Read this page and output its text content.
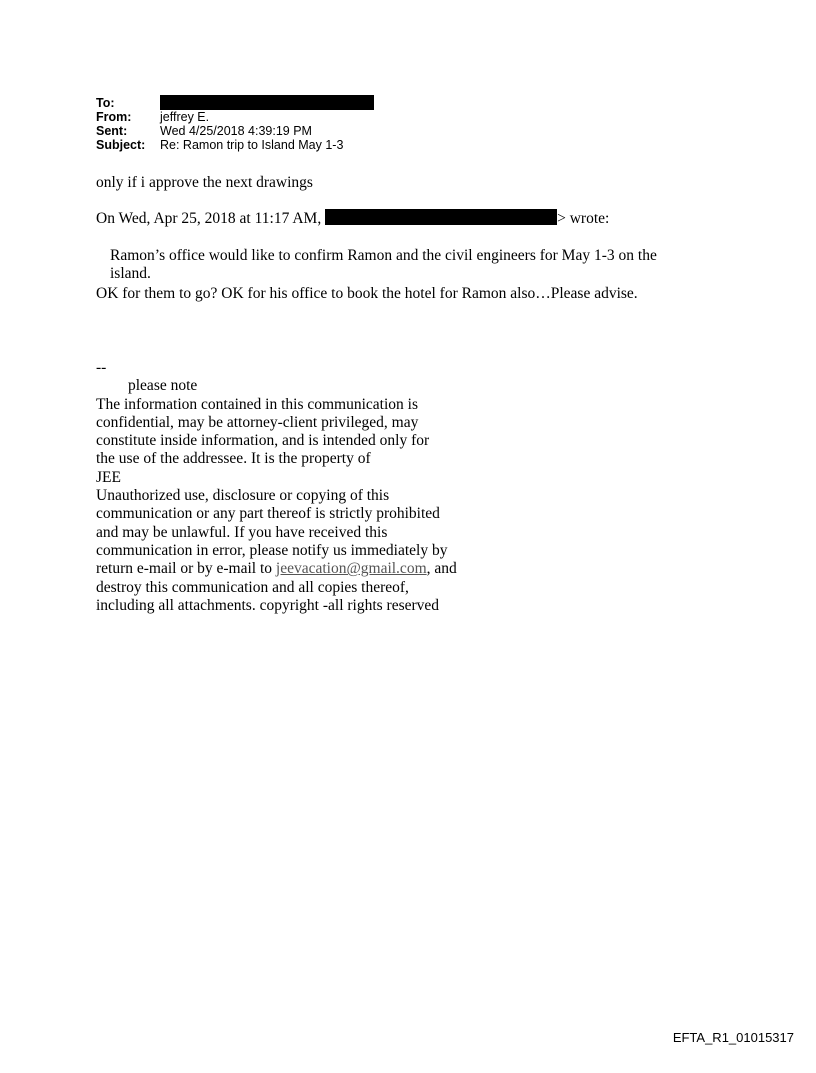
To:
From:	jeffrey E.
Sent:	Wed 4/25/2018 4:39:19 PM
Subject:	Re: Ramon trip to Island May 1-3
only if i approve the next drawings
On Wed, Apr 25, 2018 at 11:17 AM,	> wrote:
Ramon’s office would like to confirm Ramon and the civil engineers for May 1-3 on the
island.
OK for them to go? OK for his office to book the hotel for Ramon also…Please advise.
--
please note
The information contained in this communication is
confidential, may be attorney-client privileged, may
constitute inside information, and is intended only for
the use of the addressee. It is the property of
JEE
Unauthorized use, disclosure or copying of this
communication or any part thereof is strictly prohibited
and may be unlawful. If you have received this
communication in error, please notify us immediately by
return e-mail or by e-mail to jeevacation@gmail.com, and
destroy this communication and all copies thereof,
including all attachments. copyright -all rights reserved
EFTA_R1_01015317
